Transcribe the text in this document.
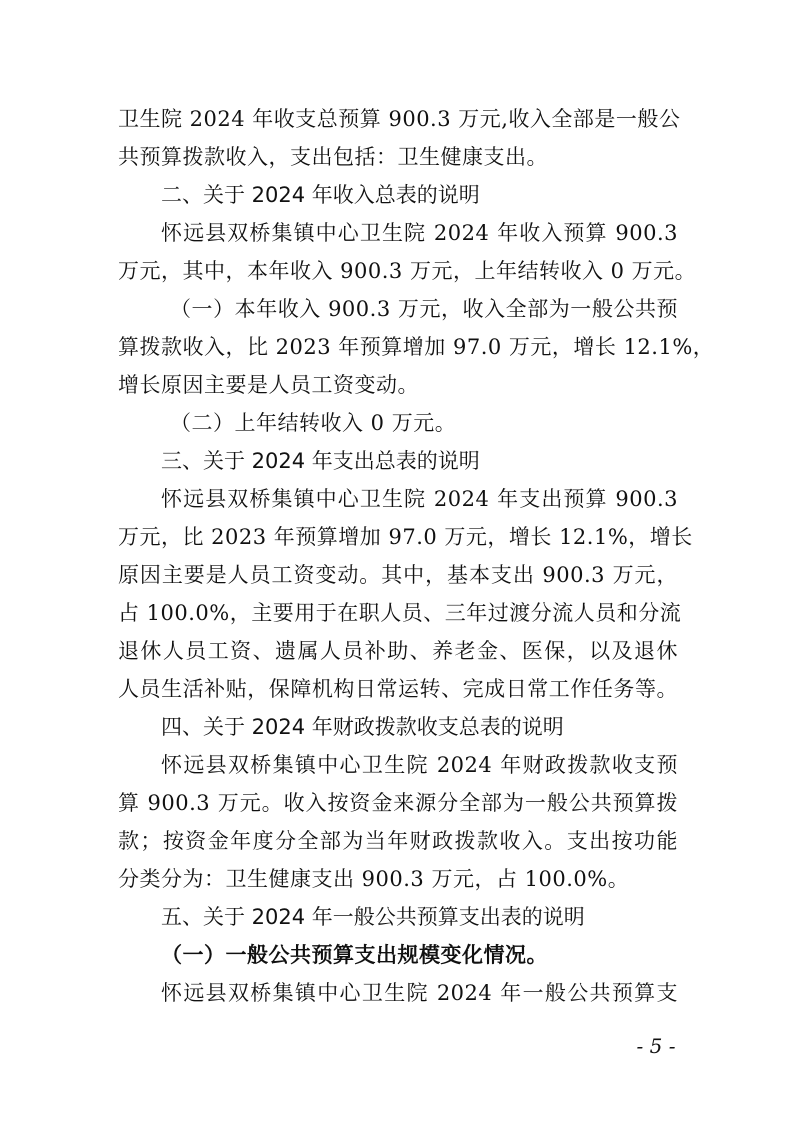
卫生院 2024 年收支总预算 900.3 万元,收入全部是一般公
共预算拨款收入，支出包括：卫生健康支出。
二、关于 2024 年收入总表的说明
怀远县双桥集镇中心卫生院 2024 年收入预算 900.3
万元，其中，本年收入 900.3 万元，上年结转收入 0 万元。
（一）本年收入 900.3 万元，收入全部为一般公共预
算拨款收入，比 2023 年预算增加 97.0 万元，增长 12.1%，
增长原因主要是人员工资变动。
（二）上年结转收入 0 万元。
三、关于 2024 年支出总表的说明
怀远县双桥集镇中心卫生院 2024 年支出预算 900.3
万元，比 2023 年预算增加 97.0 万元，增长 12.1%，增长
原因主要是人员工资变动。其中，基本支出 900.3 万元，
占 100.0%，主要用于在职人员、三年过渡分流人员和分流
退休人员工资、遗属人员补助、养老金、医保，以及退休
人员生活补贴，保障机构日常运转、完成日常工作任务等。
四、关于 2024 年财政拨款收支总表的说明
怀远县双桥集镇中心卫生院 2024 年财政拨款收支预
算 900.3 万元。收入按资金来源分全部为一般公共预算拨
款；按资金年度分全部为当年财政拨款收入。支出按功能
分类分为：卫生健康支出 900.3 万元，占 100.0%。
五、关于 2024 年一般公共预算支出表的说明
（一）一般公共预算支出规模变化情况。
怀远县双桥集镇中心卫生院 2024 年一般公共预算支
- 5 -
